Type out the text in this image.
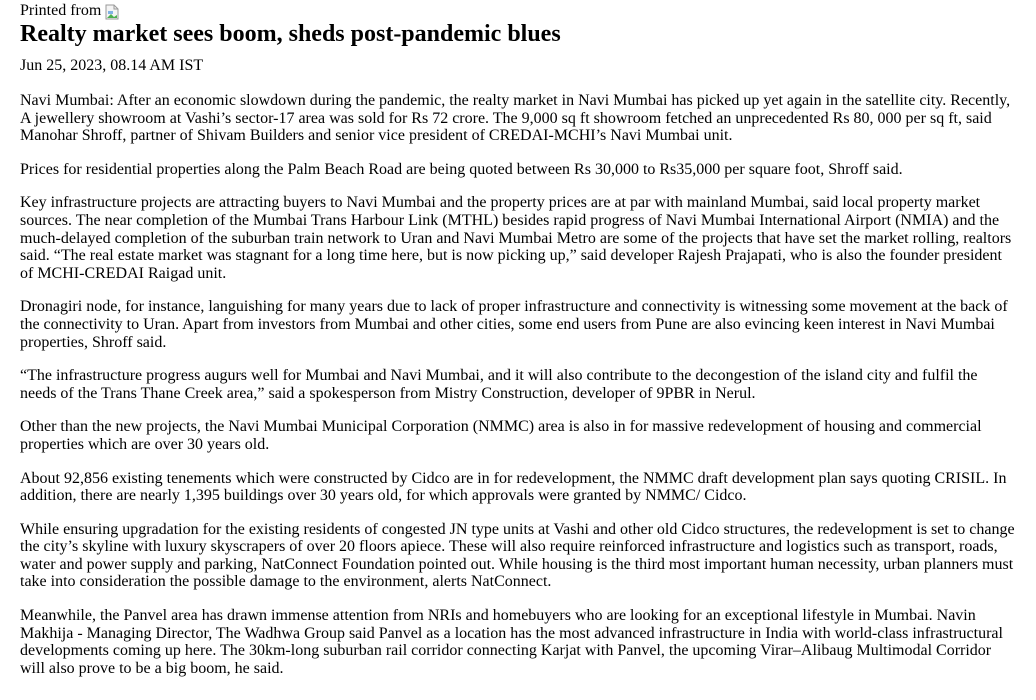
Printed from
Realty market sees boom, sheds post-pandemic blues
Jun 25, 2023, 08.14 AM IST

Navi Mumbai: After an economic slowdown during the pandemic, the realty market in Navi Mumbai has picked up yet again in the satellite city. Recently, A jewellery showroom at Vashi’s sector-17 area was sold for Rs 72 crore. The 9,000 sq ft showroom fetched an unprecedented Rs 80, 000 per sq ft, said Manohar Shroff, partner of Shivam Builders and senior vice president of CREDAI-MCHI’s Navi Mumbai unit.

Prices for residential properties along the Palm Beach Road are being quoted between Rs 30,000 to Rs35,000 per square foot, Shroff said.

Key infrastructure projects are attracting buyers to Navi Mumbai and the property prices are at par with mainland Mumbai, said local property market sources. The near completion of the Mumbai Trans Harbour Link (MTHL) besides rapid progress of Navi Mumbai International Airport (NMIA) and the much-delayed completion of the suburban train network to Uran and Navi Mumbai Metro are some of the projects that have set the market rolling, realtors said. “The real estate market was stagnant for a long time here, but is now picking up,” said developer Rajesh Prajapati, who is also the founder president of MCHI-CREDAI Raigad unit.

Dronagiri node, for instance, languishing for many years due to lack of proper infrastructure and connectivity is witnessing some movement at the back of the connectivity to Uran. Apart from investors from Mumbai and other cities, some end users from Pune are also evincing keen interest in Navi Mumbai properties, Shroff said.

“The infrastructure progress augurs well for Mumbai and Navi Mumbai, and it will also contribute to the decongestion of the island city and fulfil the needs of the Trans Thane Creek area,” said a spokesperson from Mistry Construction, developer of 9PBR in Nerul.

Other than the new projects, the Navi Mumbai Municipal Corporation (NMMC) area is also in for massive redevelopment of housing and commercial properties which are over 30 years old.

About 92,856 existing tenements which were constructed by Cidco are in for redevelopment, the NMMC draft development plan says quoting CRISIL. In addition, there are nearly 1,395 buildings over 30 years old, for which approvals were granted by NMMC/ Cidco.

While ensuring upgradation for the existing residents of congested JN type units at Vashi and other old Cidco structures, the redevelopment is set to change the city’s skyline with luxury skyscrapers of over 20 floors apiece. These will also require reinforced infrastructure and logistics such as transport, roads, water and power supply and parking, NatConnect Foundation pointed out. While housing is the third most important human necessity, urban planners must take into consideration the possible damage to the environment, alerts NatConnect.

Meanwhile, the Panvel area has drawn immense attention from NRIs and homebuyers who are looking for an exceptional lifestyle in Mumbai. Navin Makhija - Managing Director, The Wadhwa Group said Panvel as a location has the most advanced infrastructure in India with world-class infrastructural developments coming up here. The 30km-long suburban rail corridor connecting Karjat with Panvel, the upcoming Virar–Alibaug Multimodal Corridor will also prove to be a big boom, he said.
